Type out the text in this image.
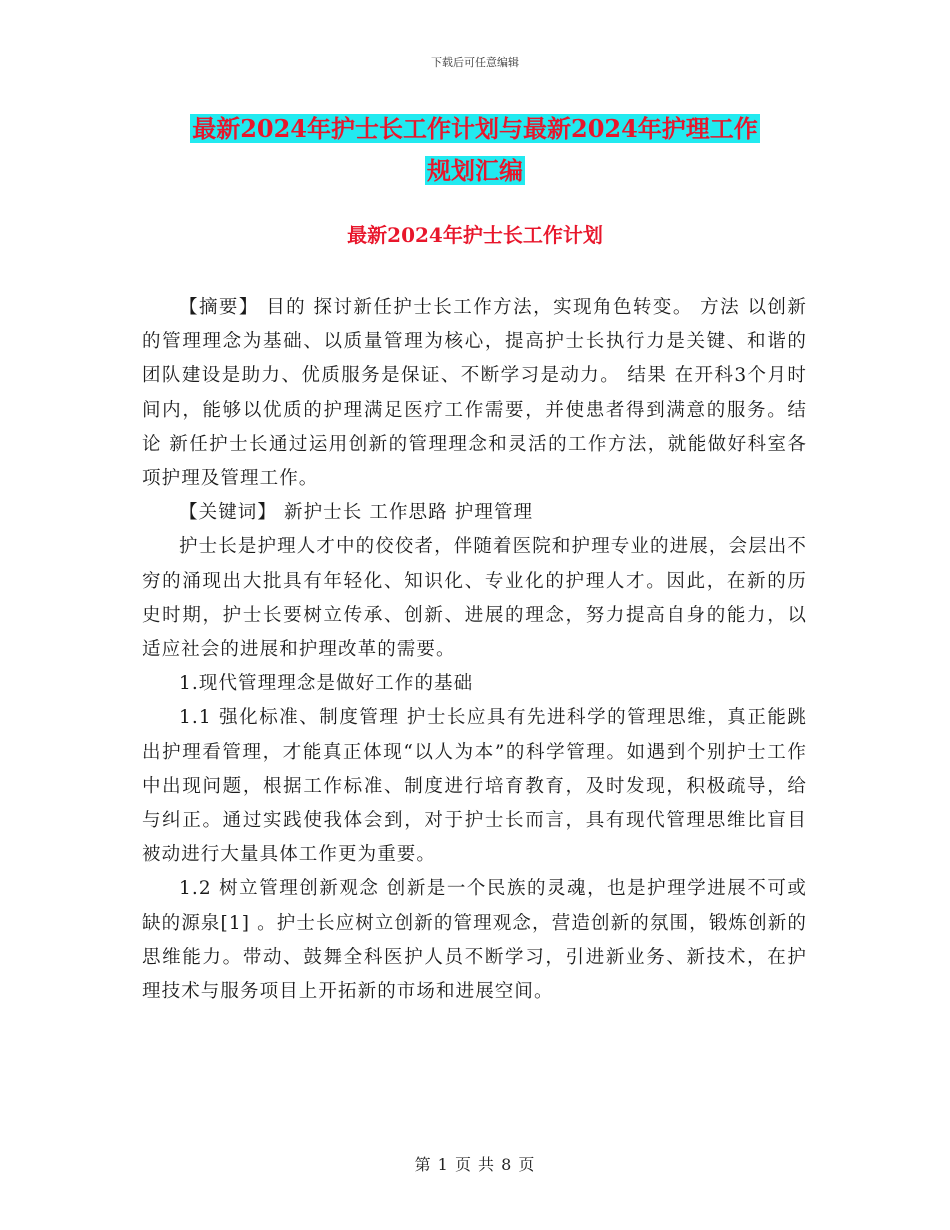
下载后可任意编辑
最新2024年护士长工作计划与最新2024年护理工作
规划汇编
最新2024年护士长工作计划

【摘要】 目的 探讨新任护士长工作方法，实现角色转变。 方法 以创新的管理理念为基础、以质量管理为核心，提高护士长执行力是关键、和谐的团队建设是助力、优质服务是保证、不断学习是动力。 结果 在开科3个月时间内，能够以优质的护理满足医疗工作需要，并使患者得到满意的服务。结论 新任护士长通过运用创新的管理理念和灵活的工作方法，就能做好科室各项护理及管理工作。

【关键词】 新护士长 工作思路 护理管理

护士长是护理人才中的佼佼者，伴随着医院和护理专业的进展，会层出不穷的涌现出大批具有年轻化、知识化、专业化的护理人才。因此，在新的历史时期，护士长要树立传承、创新、进展的理念，努力提高自身的能力，以适应社会的进展和护理改革的需要。

1.现代管理理念是做好工作的基础

1.1 强化标准、制度管理 护士长应具有先进科学的管理思维，真正能跳出护理看管理，才能真正体现“以人为本”的科学管理。如遇到个别护士工作中出现问题，根据工作标准、制度进行培育教育，及时发现，积极疏导，给与纠正。通过实践使我体会到，对于护士长而言，具有现代管理思维比盲目被动进行大量具体工作更为重要。

1.2 树立管理创新观念 创新是一个民族的灵魂，也是护理学进展不可或缺的源泉[1] 。护士长应树立创新的管理观念，营造创新的氛围，锻炼创新的思维能力。带动、鼓舞全科医护人员不断学习，引进新业务、新技术，在护理技术与服务项目上开拓新的市场和进展空间。

第 1 页 共 8 页
